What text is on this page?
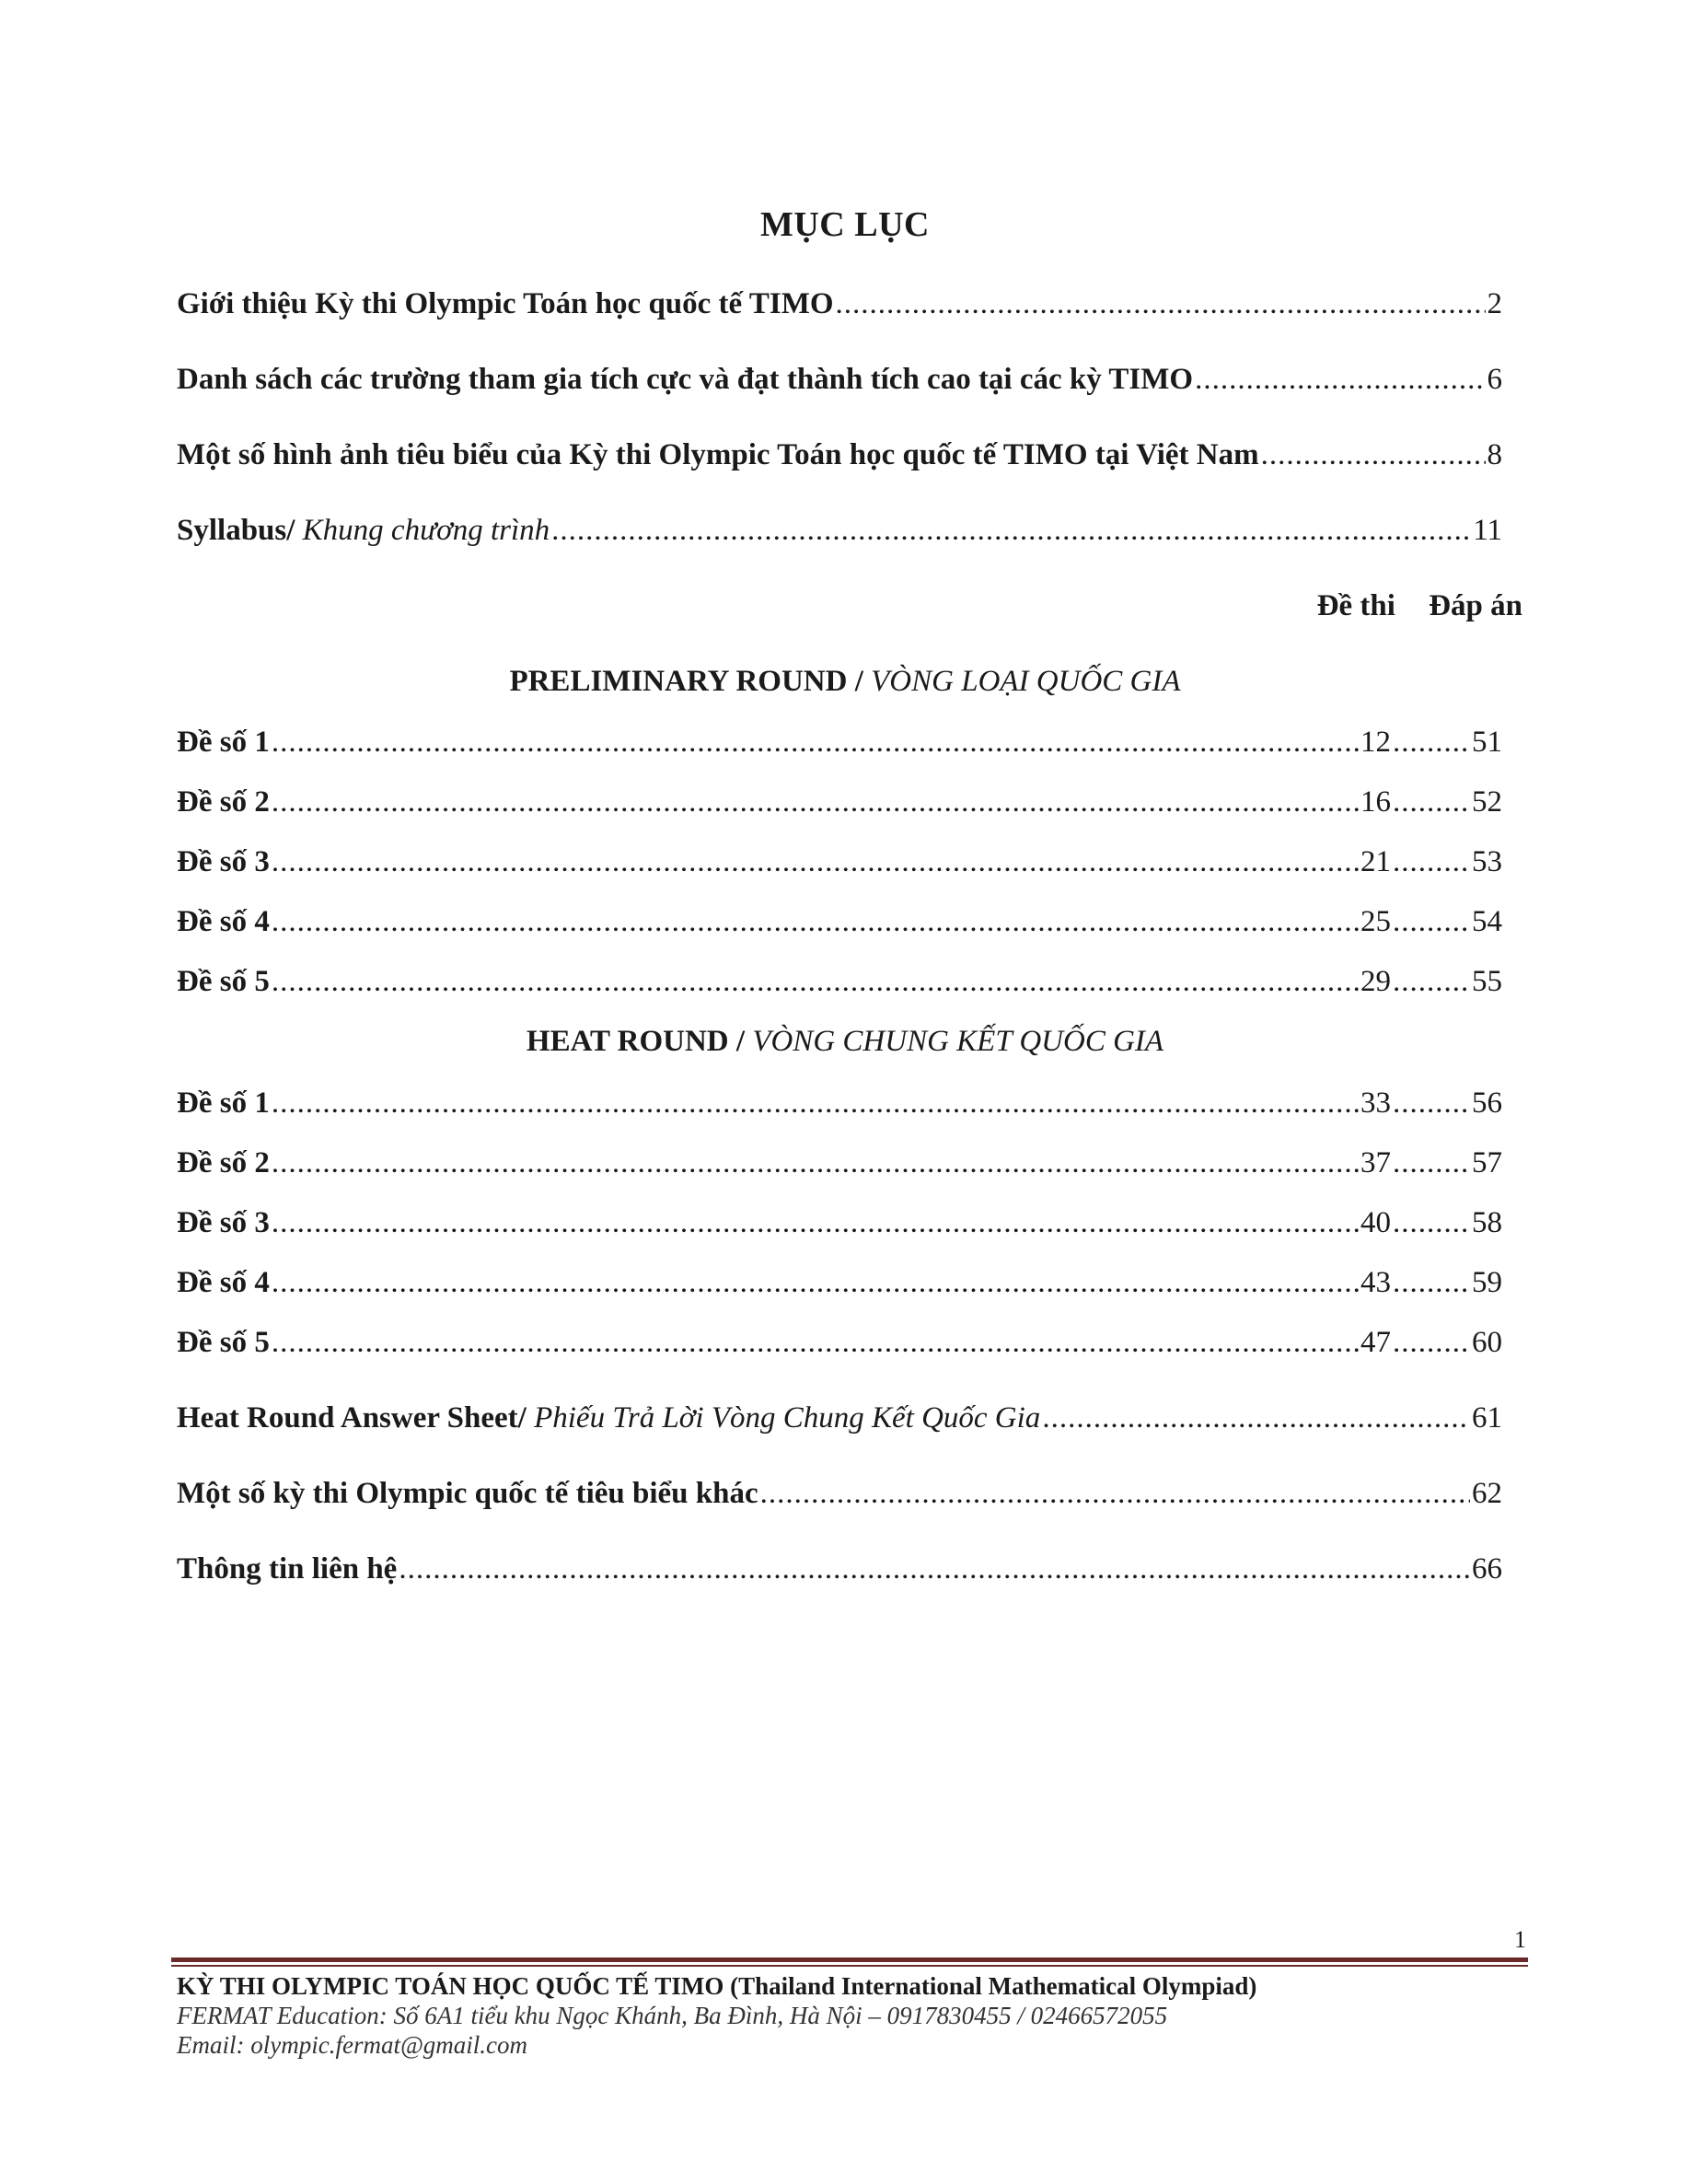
MỤC LỤC
Giới thiệu Kỳ thi Olympic Toán học quốc tế TIMO .....	2
Danh sách các trường tham gia tích cực và đạt thành tích cao tại các kỳ TIMO .....	6
Một số hình ảnh tiêu biểu của Kỳ thi Olympic Toán học quốc tế TIMO tại Việt Nam .....	8
Syllabus/ Khung chương trình .....	11
Đề thi Đáp án
PRELIMINARY ROUND / VÒNG LOẠI QUỐC GIA
Đề số 1 .....	12 .....	51
Đề số 2 .....	16 .....	52
Đề số 3 .....	21 .....	53
Đề số 4 .....	25 .....	54
Đề số 5 .....	29 .....	55
HEAT ROUND / VÒNG CHUNG KẾT QUỐC GIA
Đề số 1 .....	33 .....	56
Đề số 2 .....	37 .....	57
Đề số 3 .....	40 .....	58
Đề số 4 .....	43 .....	59
Đề số 5 .....	47 .....	60
Heat Round Answer Sheet/ Phiếu Trả Lời Vòng Chung Kết Quốc Gia .....	61
Một số kỳ thi Olympic quốc tế tiêu biểu khác .....	62
Thông tin liên hệ .....	66
1
KỲ THI OLYMPIC TOÁN HỌC QUỐC TẾ TIMO (Thailand International Mathematical Olympiad)
FERMAT Education: Số 6A1 tiểu khu Ngọc Khánh, Ba Đình, Hà Nội – 0917830455 / 02466572055
Email: olympic.fermat@gmail.com
